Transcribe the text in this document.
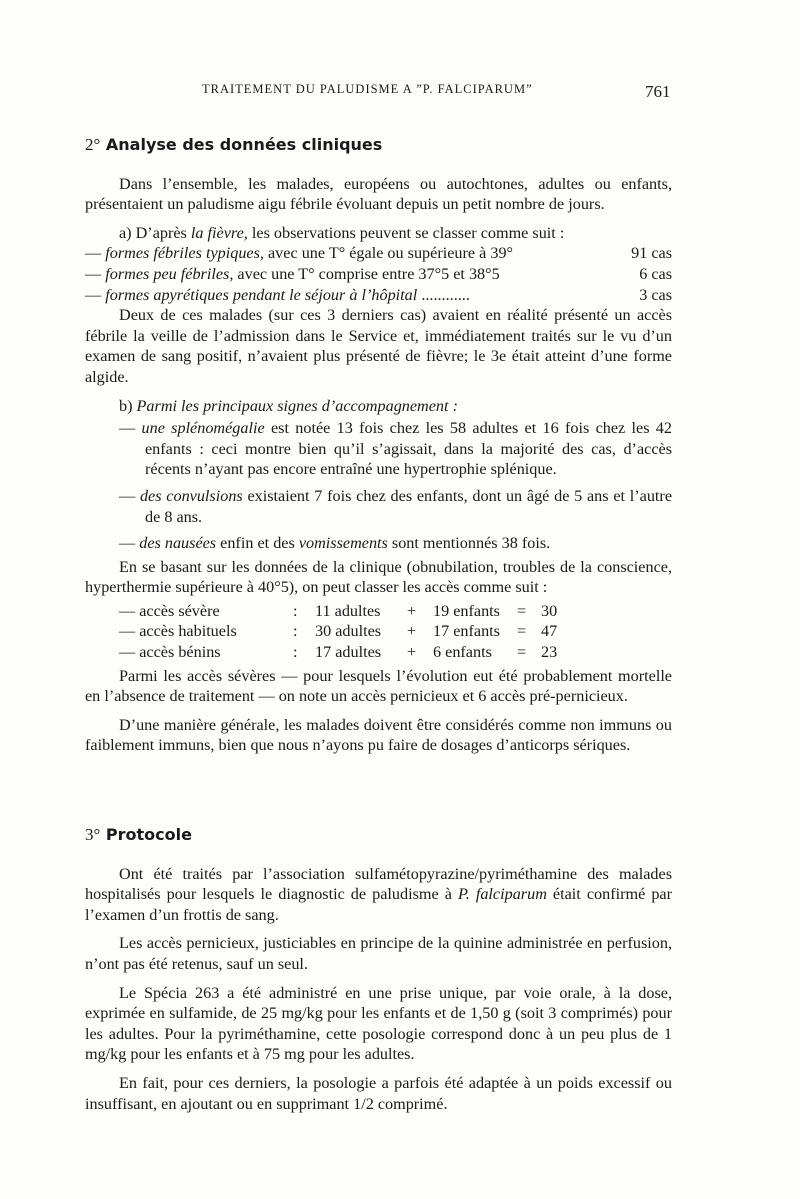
TRAITEMENT DU PALUDISME A ”P. FALCIPARUM”	761
2° Analyse des données cliniques

Dans l’ensemble, les malades, européens ou autochtones, adultes ou enfants, présentaient un paludisme aigu fébrile évoluant depuis un petit nombre de jours.

a) D’après la fièvre, les observations peuvent se classer comme suit :

— formes fébriles typiques, avec une T° égale ou supérieure à 39°	91 cas
— formes peu fébriles, avec une T° comprise entre 37°5 et 38°5	6 cas
— formes apyrétiques pendant le séjour à l’hôpital ............	3 cas

Deux de ces malades (sur ces 3 derniers cas) avaient en réalité présenté un accès fébrile la veille de l’admission dans le Service et, immédiatement traités sur le vu d’un examen de sang positif, n’avaient plus présenté de fièvre; le 3e était atteint d’une forme algide.

b) Parmi les principaux signes d’accompagnement :

— une splénomégalie est notée 13 fois chez les 58 adultes et 16 fois chez les 42 enfants : ceci montre bien qu’il s’agissait, dans la majorité des cas, d’accès récents n’ayant pas encore entraîné une hypertrophie splénique.

— des convulsions existaient 7 fois chez des enfants, dont un âgé de 5 ans et l’autre de 8 ans.

— des nausées enfin et des vomissements sont mentionnés 38 fois.

En se basant sur les données de la clinique (obnubilation, troubles de la conscience, hyperthermie supérieure à 40°5), on peut classer les accès comme suit :

— accès sévère	:	11 adultes	+	19 enfants	= 30
— accès habituels	:	30 adultes	+	17 enfants	= 47
— accès bénins	:	17 adultes	+	6 enfants	= 23

Parmi les accès sévères — pour lesquels l’évolution eut été probablement mortelle en l’absence de traitement — on note un accès pernicieux et 6 accès pré-pernicieux.

D’une manière générale, les malades doivent être considérés comme non immuns ou faiblement immuns, bien que nous n’ayons pu faire de dosages d’anticorps sériques.

3° Protocole

Ont été traités par l’association sulfamétopyrazine/pyriméthamine des malades hospitalisés pour lesquels le diagnostic de paludisme à P. falciparum était confirmé par l’examen d’un frottis de sang.

Les accès pernicieux, justiciables en principe de la quinine administrée en perfusion, n’ont pas été retenus, sauf un seul.

Le Spécia 263 a été administré en une prise unique, par voie orale, à la dose, exprimée en sulfamide, de 25 mg/kg pour les enfants et de 1,50 g (soit 3 comprimés) pour les adultes. Pour la pyriméthamine, cette posologie correspond donc à un peu plus de 1 mg/kg pour les enfants et à 75 mg pour les adultes.

En fait, pour ces derniers, la posologie a parfois été adaptée à un poids excessif ou insuffisant, en ajoutant ou en supprimant 1/2 comprimé.
